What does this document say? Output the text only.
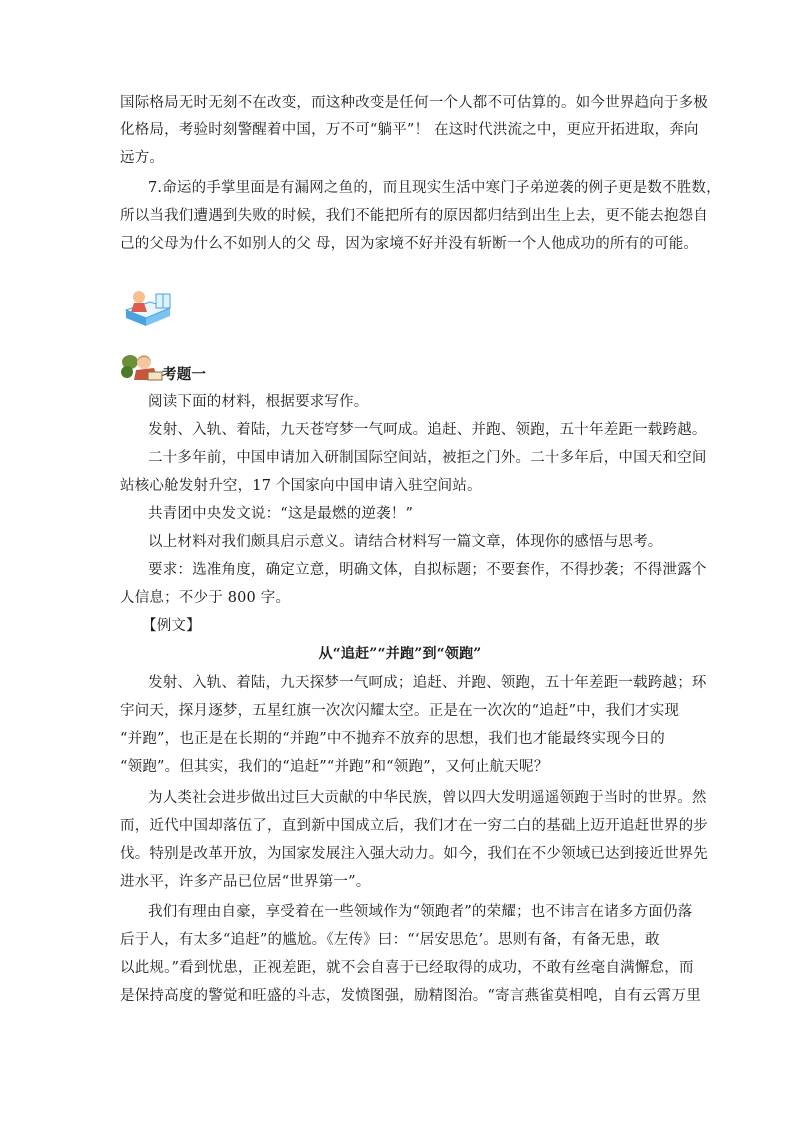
国际格局无时无刻不在改变，而这种改变是任何一个人都不可估算的。如今世界趋向于多极
化格局，考验时刻警醒着中国，万不可“躺平”！ 在这时代洪流之中，更应开拓进取，奔向
远方。
7.命运的手掌里面是有漏网之鱼的，而且现实生活中寒门子弟逆袭的例子更是数不胜数，
所以当我们遭遇到失败的时候，我们不能把所有的原因都归结到出生上去，更不能去抱怨自
己的父母为什么不如别人的父 母，因为家境不好并没有斩断一个人他成功的所有的可能。
考题一
阅读下面的材料，根据要求写作。
发射、入轨、着陆，九天苍穹梦一气呵成。追赶、并跑、领跑，五十年差距一载跨越。
二十多年前，中国申请加入研制国际空间站，被拒之门外。二十多年后，中国天和空间
站核心舱发射升空，17 个国家向中国申请入驻空间站。
共青团中央发文说：“这是最燃的逆袭！”
以上材料对我们颇具启示意义。请结合材料写一篇文章，体现你的感悟与思考。
要求：选准角度，确定立意，明确文体，自拟标题；不要套作，不得抄袭；不得泄露个
人信息；不少于 800 字。
【例文】
从“追赶”“并跑”到“领跑”
发射、入轨、着陆，九天探梦一气呵成；追赶、并跑、领跑，五十年差距一载跨越；环
宇问天，探月逐梦，五星红旗一次次闪耀太空。正是在一次次的“追赶”中，我们才实现
“并跑”，也正是在长期的“并跑”中不抛弃不放弃的思想，我们也才能最终实现今日的
“领跑”。但其实，我们的“追赶”“并跑”和“领跑”，又何止航天呢？
为人类社会进步做出过巨大贡献的中华民族，曾以四大发明遥遥领跑于当时的世界。然
而，近代中国却落伍了，直到新中国成立后，我们才在一穷二白的基础上迈开追赶世界的步
伐。特别是改革开放，为国家发展注入强大动力。如今，我们在不少领域已达到接近世界先
进水平，许多产品已位居“世界第一”。
我们有理由自豪，享受着在一些领域作为“领跑者”的荣耀；也不讳言在诸多方面仍落
后于人，有太多“追赶”的尴尬。《左传》曰：“‘居安思危’。思则有备，有备无患，敢
以此规。”看到忧患，正视差距，就不会自喜于已经取得的成功，不敢有丝毫自满懈怠，而
是保持高度的警觉和旺盛的斗志，发愤图强，励精图治。“寄言燕雀莫相唣，自有云霄万里
